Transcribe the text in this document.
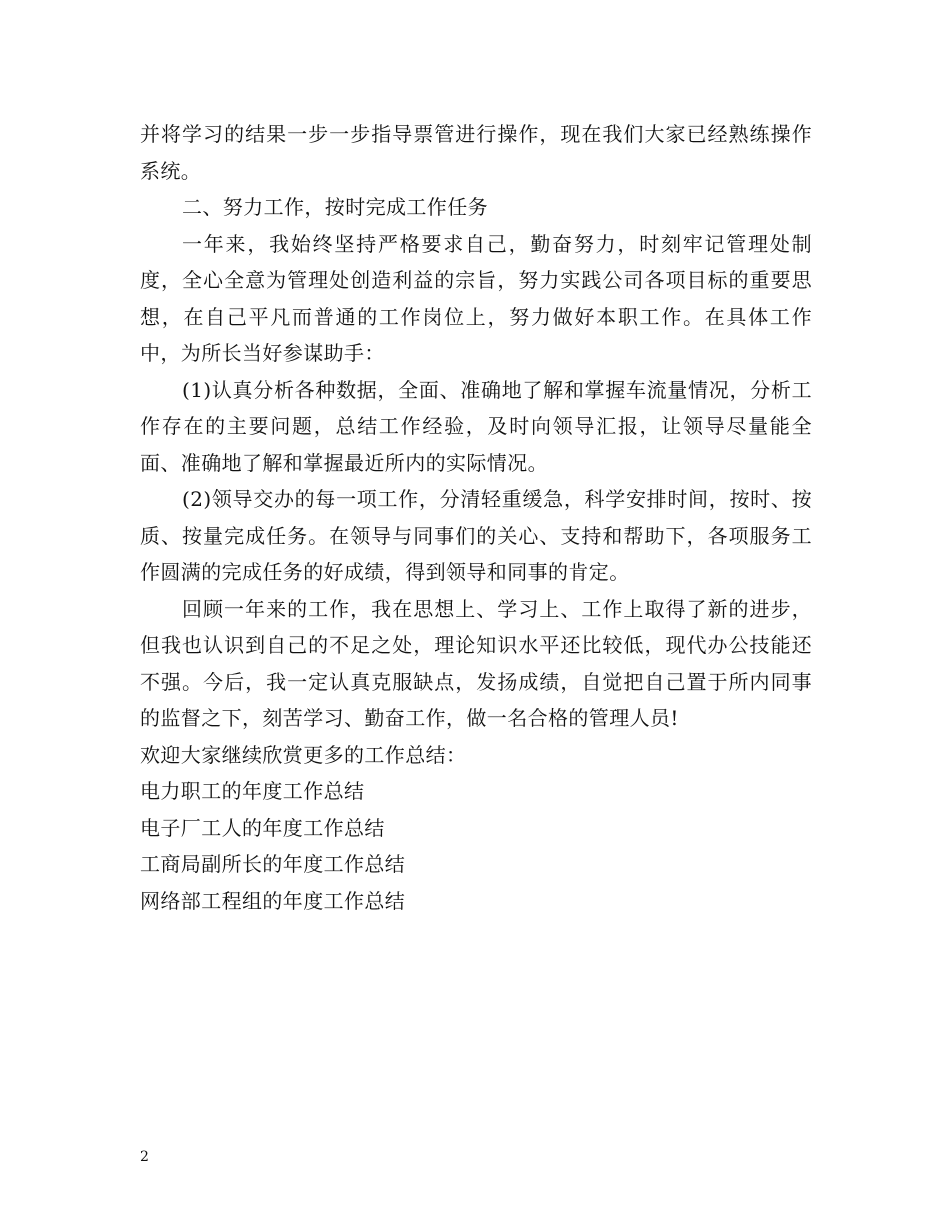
并将学习的结果一步一步指导票管进行操作，现在我们大家已经熟练操作系统。

二、努力工作，按时完成工作任务

一年来，我始终坚持严格要求自己，勤奋努力，时刻牢记管理处制度，全心全意为管理处创造利益的宗旨，努力实践公司各项目标的重要思想，在自己平凡而普通的工作岗位上，努力做好本职工作。在具体工作中，为所长当好参谋助手：

(1)认真分析各种数据，全面、准确地了解和掌握车流量情况，分析工作存在的主要问题，总结工作经验，及时向领导汇报，让领导尽量能全面、准确地了解和掌握最近所内的实际情况。

(2)领导交办的每一项工作，分清轻重缓急，科学安排时间，按时、按质、按量完成任务。在领导与同事们的关心、支持和帮助下，各项服务工作圆满的完成任务的好成绩，得到领导和同事的肯定。

回顾一年来的工作，我在思想上、学习上、工作上取得了新的进步，但我也认识到自己的不足之处，理论知识水平还比较低，现代办公技能还不强。今后，我一定认真克服缺点，发扬成绩，自觉把自己置于所内同事的监督之下，刻苦学习、勤奋工作，做一名合格的管理人员!

欢迎大家继续欣赏更多的工作总结：

电力职工的年度工作总结
电子厂工人的年度工作总结
工商局副所长的年度工作总结
网络部工程组的年度工作总结
2
